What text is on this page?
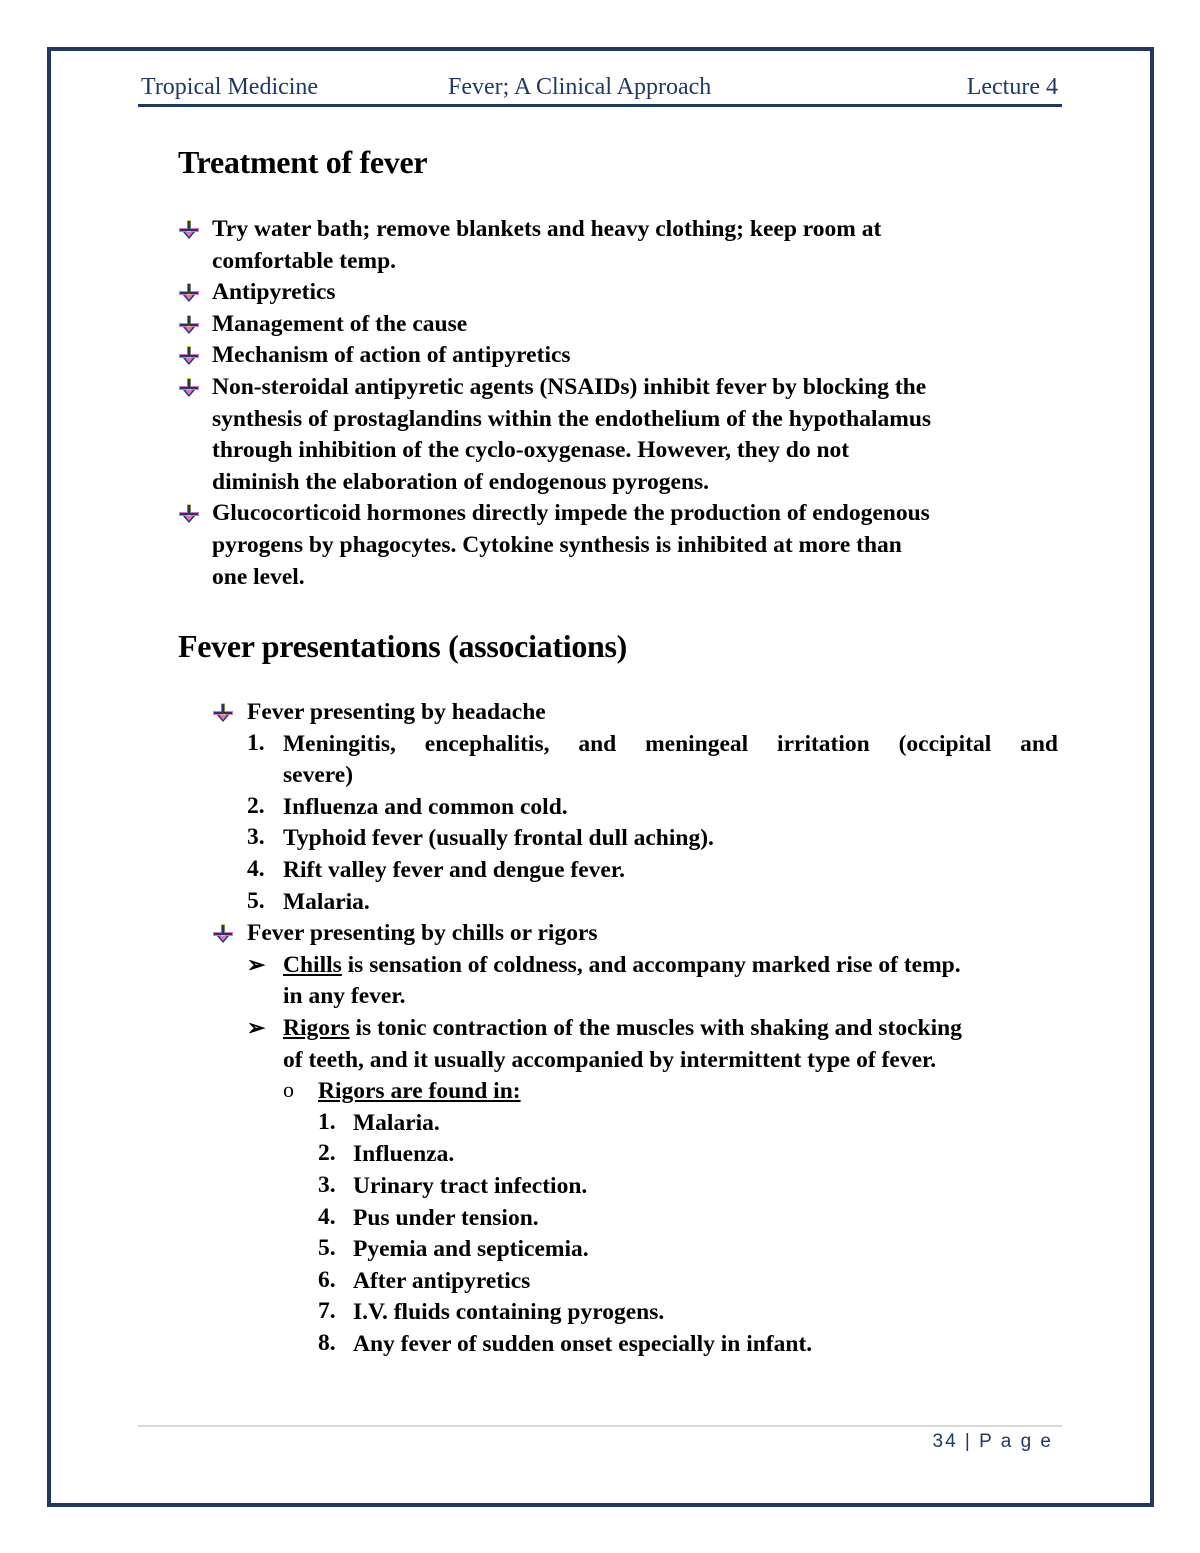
Tropical Medicine	Fever; A Clinical Approach	Lecture 4
Treatment of fever
Fever presentations (associations)
Try water bath; remove blankets and heavy clothing; keep room at
comfortable temp.
Antipyretics
Management of the cause
Mechanism of action of antipyretics
Non-steroidal antipyretic agents (NSAIDs) inhibit fever by blocking the
synthesis of prostaglandins within the endothelium of the hypothalamus
through inhibition of the cyclo-oxygenase. However, they do not
diminish the elaboration of endogenous pyrogens.
Glucocorticoid hormones directly impede the production of endogenous
pyrogens by phagocytes. Cytokine synthesis is inhibited at more than
one level.
Fever presenting by headache
1. Meningitis, encephalitis, and meningeal irritation (occipital and
severe)
2. Influenza and common cold.
3. Typhoid fever (usually frontal dull aching).
4. Rift valley fever and dengue fever.
5. Malaria.
Fever presenting by chills or rigors
➢ Chills is sensation of coldness, and accompany marked rise of temp.
in any fever.
➢ Rigors is tonic contraction of the muscles with shaking and stocking
of teeth, and it usually accompanied by intermittent type of fever.
o Rigors are found in:
1. Malaria.
2. Influenza.
3. Urinary tract infection.
4. Pus under tension.
5. Pyemia and septicemia.
6. After antipyretics
7. I.V. fluids containing pyrogens.
8. Any fever of sudden onset especially in infant.
34 | P a g e
